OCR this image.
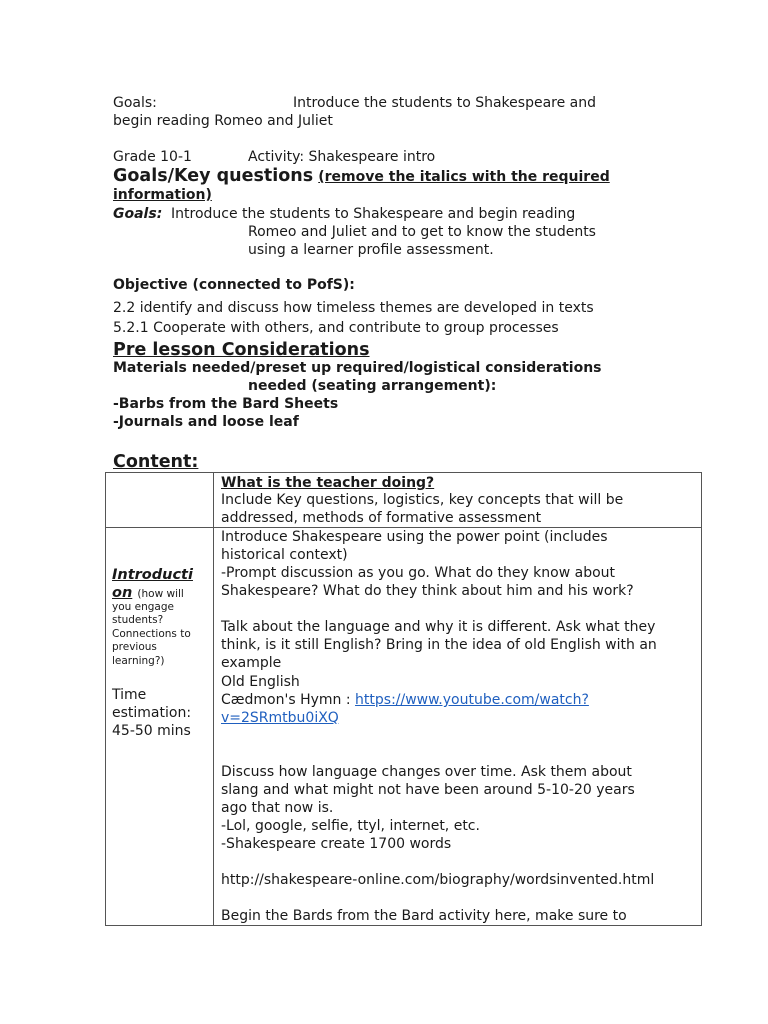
Goals:	Introduce the students to Shakespeare and
begin reading Romeo and Juliet
Grade 10-1	Activity: Shakespeare intro
Goals/Key questions (remove the italics with the required
information)
Goals: Introduce the students to Shakespeare and begin reading
Romeo and Juliet and to get to know the students
using a learner profile assessment.
Objective (connected to PofS):
2.2 identify and discuss how timeless themes are developed in texts
5.2.1 Cooperate with others, and contribute to group processes
Pre lesson Considerations
Materials needed/preset up required/logistical considerations
needed (seating arrangement):
-Barbs from the Bard Sheets
-Journals and loose leaf
Content:
What is the teacher doing?
Include Key questions, logistics, key concepts that will be
addressed, methods of formative assessment
Introducti
on (how will
you engage
students?
Connections to
previous
learning?)
Time
estimation:
45-50 mins
Introduce Shakespeare using the power point (includes
historical context)
-Prompt discussion as you go. What do they know about
Shakespeare? What do they think about him and his work?
Talk about the language and why it is different. Ask what they
think, is it still English? Bring in the idea of old English with an
example
Old English
Cædmon's Hymn : https://www.youtube.com/watch?
v=2SRmtbu0iXQ
Discuss how language changes over time. Ask them about
slang and what might not have been around 5-10-20 years
ago that now is.
-Lol, google, selfie, ttyl, internet, etc.
-Shakespeare create 1700 words
http://shakespeare-online.com/biography/wordsinvented.html
Begin the Bards from the Bard activity here, make sure to
